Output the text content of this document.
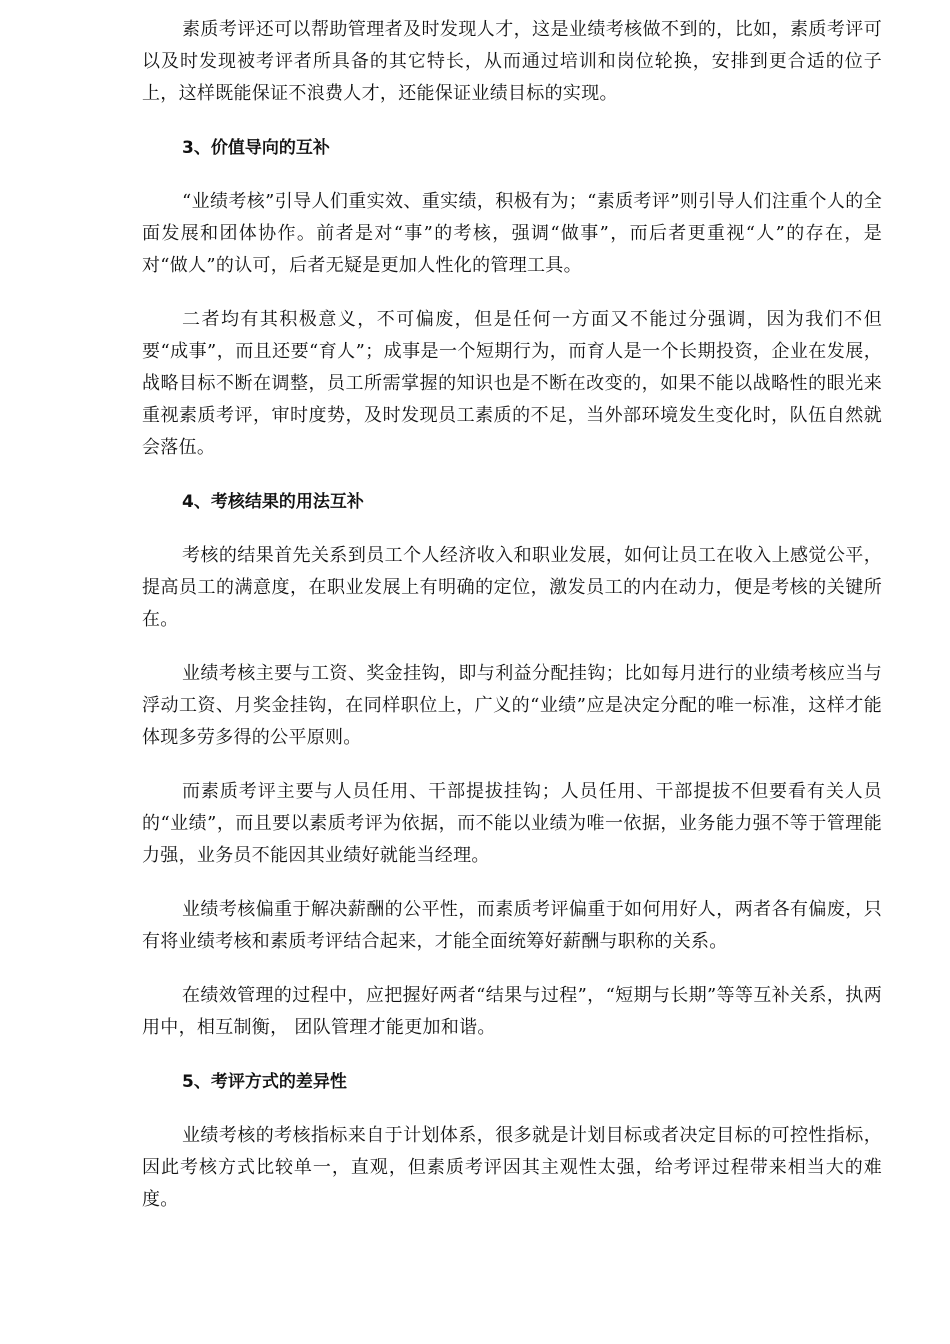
素质考评还可以帮助管理者及时发现人才，这是业绩考核做不到的，比如，素质考评可以及时发现被考评者所具备的其它特长，从而通过培训和岗位轮换，安排到更合适的位子上，这样既能保证不浪费人才，还能保证业绩目标的实现。

3、价值导向的互补

“业绩考核”引导人们重实效、重实绩，积极有为；“素质考评”则引导人们注重个人的全面发展和团体协作。前者是对“事”的考核，强调“做事”，而后者更重视“人”的存在，是对“做人”的认可，后者无疑是更加人性化的管理工具。

二者均有其积极意义，不可偏废，但是任何一方面又不能过分强调，因为我们不但要“成事”，而且还要“育人”；成事是一个短期行为，而育人是一个长期投资，企业在发展，战略目标不断在调整，员工所需掌握的知识也是不断在改变的，如果不能以战略性的眼光来重视素质考评，审时度势，及时发现员工素质的不足，当外部环境发生变化时，队伍自然就会落伍。

4、考核结果的用法互补

考核的结果首先关系到员工个人经济收入和职业发展，如何让员工在收入上感觉公平，提高员工的满意度，在职业发展上有明确的定位，激发员工的内在动力，便是考核的关键所在。

业绩考核主要与工资、奖金挂钩，即与利益分配挂钩；比如每月进行的业绩考核应当与浮动工资、月奖金挂钩，在同样职位上，广义的“业绩”应是决定分配的唯一标准，这样才能体现多劳多得的公平原则。

而素质考评主要与人员任用、干部提拔挂钩；人员任用、干部提拔不但要看有关人员的“业绩”，而且要以素质考评为依据，而不能以业绩为唯一依据，业务能力强不等于管理能力强，业务员不能因其业绩好就能当经理。

业绩考核偏重于解决薪酬的公平性，而素质考评偏重于如何用好人，两者各有偏废，只有将业绩考核和素质考评结合起来，才能全面统筹好薪酬与职称的关系。

在绩效管理的过程中，应把握好两者“结果与过程”，“短期与长期”等等互补关系，执两用中，相互制衡， 团队管理才能更加和谐。

5、考评方式的差异性

业绩考核的考核指标来自于计划体系，很多就是计划目标或者决定目标的可控性指标，因此考核方式比较单一，直观，但素质考评因其主观性太强，给考评过程带来相当大的难度。
